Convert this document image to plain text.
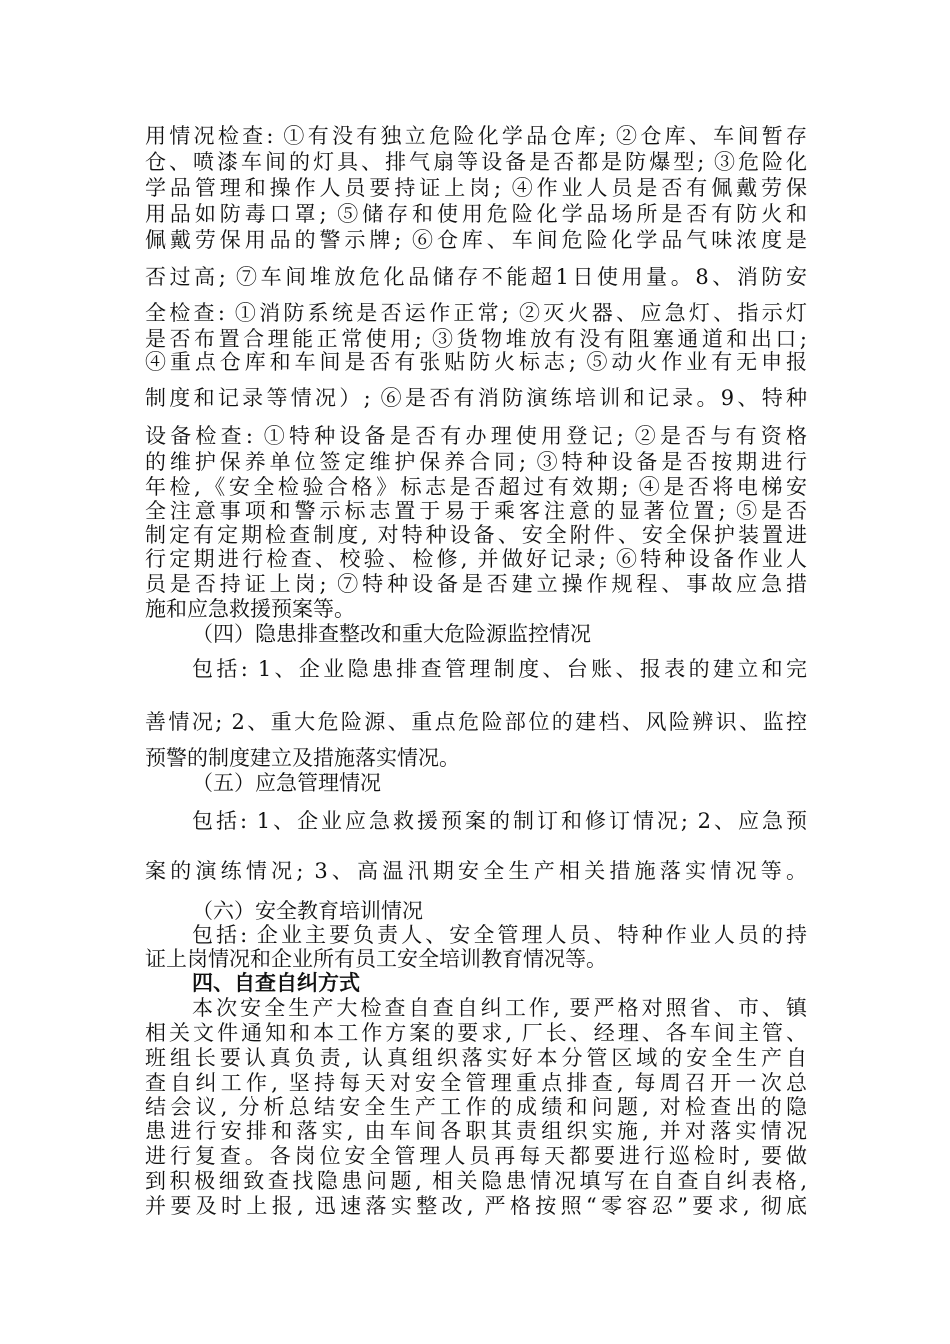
用情况检查: ①有没有独立危险化学品仓库; ②仓库、车间暂存
仓、喷漆车间的灯具、排气扇等设备是否都是防爆型; ③危险化
学品管理和操作人员要持证上岗; ④作业人员是否有佩戴劳保
用品如防毒口罩; ⑤储存和使用危险化学品场所是否有防火和
佩戴劳保用品的警示牌; ⑥仓库、车间危险化学品气味浓度是
否过高; ⑦车间堆放危化品储存不能超1日使用量。8、消防安
全检查: ①消防系统是否运作正常; ②灭火器、应急灯、指示灯
是否布置合理能正常使用; ③货物堆放有没有阻塞通道和出口;
④重点仓库和车间是否有张贴防火标志; ⑤动火作业有无申报
制度和记录等情况）; ⑥是否有消防演练培训和记录。9、特种
设备检查: ①特种设备是否有办理使用登记; ②是否与有资格
的维护保养单位签定维护保养合同; ③特种设备是否按期进行
年检,《安全检验合格》标志是否超过有效期; ④是否将电梯安
全注意事项和警示标志置于易于乘客注意的显著位置; ⑤是否
制定有定期检查制度, 对特种设备、安全附件、安全保护装置进
行定期进行检查、校验、检修, 并做好记录; ⑥特种设备作业人
员是否持证上岗; ⑦特种设备是否建立操作规程、事故应急措
施和应急救援预案等。
（四）隐患排查整改和重大危险源监控情况
包括: 1、企业隐患排查管理制度、台账、报表的建立和完
善情况; 2、重大危险源、重点危险部位的建档、风险辨识、监控
预警的制度建立及措施落实情况。
（五）应急管理情况
包括: 1、企业应急救援预案的制订和修订情况; 2、应急预
案的演练情况; 3、高温汛期安全生产相关措施落实情况等。
（六）安全教育培训情况
包括: 企业主要负责人、安全管理人员、特种作业人员的持
证上岗情况和企业所有员工安全培训教育情况等。
四、自查自纠方式
本次安全生产大检查自查自纠工作, 要严格对照省、市、镇
相关文件通知和本工作方案的要求, 厂长、经理、各车间主管、
班组长要认真负责, 认真组织落实好本分管区域的安全生产自
查自纠工作, 坚持每天对安全管理重点排查, 每周召开一次总
结会议, 分析总结安全生产工作的成绩和问题, 对检查出的隐
患进行安排和落实, 由车间各职其责组织实施, 并对落实情况
进行复查。各岗位安全管理人员再每天都要进行巡检时, 要做
到积极细致查找隐患问题, 相关隐患情况填写在自查自纠表格,
并要及时上报, 迅速落实整改, 严格按照“零容忍”要求, 彻底
